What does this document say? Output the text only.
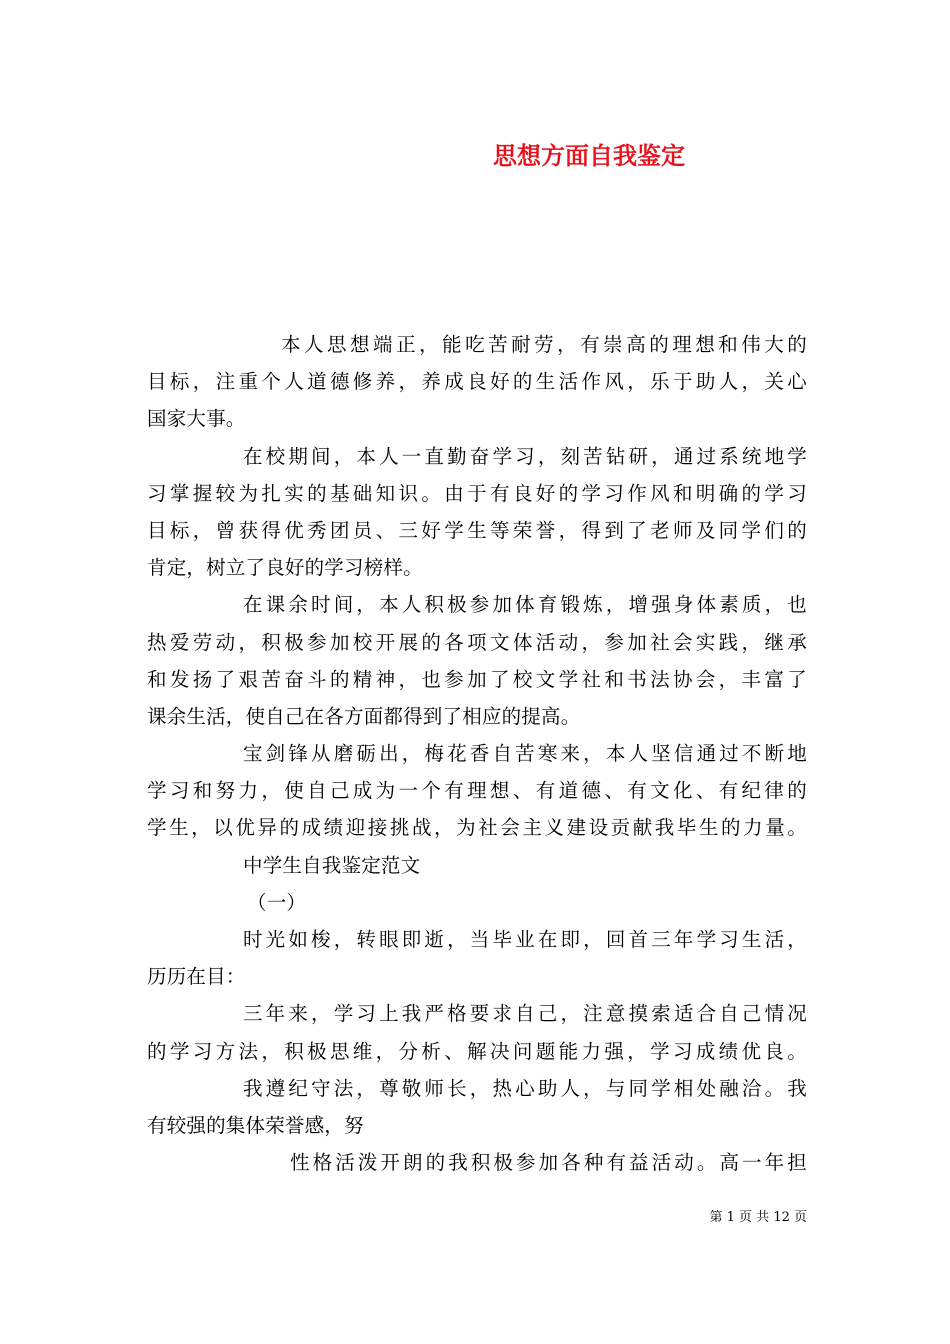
思想方面自我鉴定
本人思想端正，能吃苦耐劳，有崇高的理想和伟大的
目标，注重个人道德修养，养成良好的生活作风，乐于助人，关心
国家大事。
在校期间，本人一直勤奋学习，刻苦钻研，通过系统地学
习掌握较为扎实的基础知识。由于有良好的学习作风和明确的学习
目标，曾获得优秀团员、三好学生等荣誉，得到了老师及同学们的
肯定，树立了良好的学习榜样。
在课余时间，本人积极参加体育锻炼，增强身体素质，也
热爱劳动，积极参加校开展的各项文体活动，参加社会实践，继承
和发扬了艰苦奋斗的精神，也参加了校文学社和书法协会，丰富了
课余生活，使自己在各方面都得到了相应的提高。
宝剑锋从磨砺出，梅花香自苦寒来，本人坚信通过不断地
学习和努力，使自己成为一个有理想、有道德、有文化、有纪律的
学生，以优异的成绩迎接挑战，为社会主义建设贡献我毕生的力量。
中学生自我鉴定范文
（一）
时光如梭，转眼即逝，当毕业在即，回首三年学习生活，
历历在目：
三年来，学习上我严格要求自己，注意摸索适合自己情况
的学习方法，积极思维，分析、解决问题能力强，学习成绩优良。
我遵纪守法，尊敬师长，热心助人，与同学相处融洽。我
有较强的集体荣誉感，努
性格活泼开朗的我积极参加各种有益活动。高一年担
第 1 页 共 12 页
